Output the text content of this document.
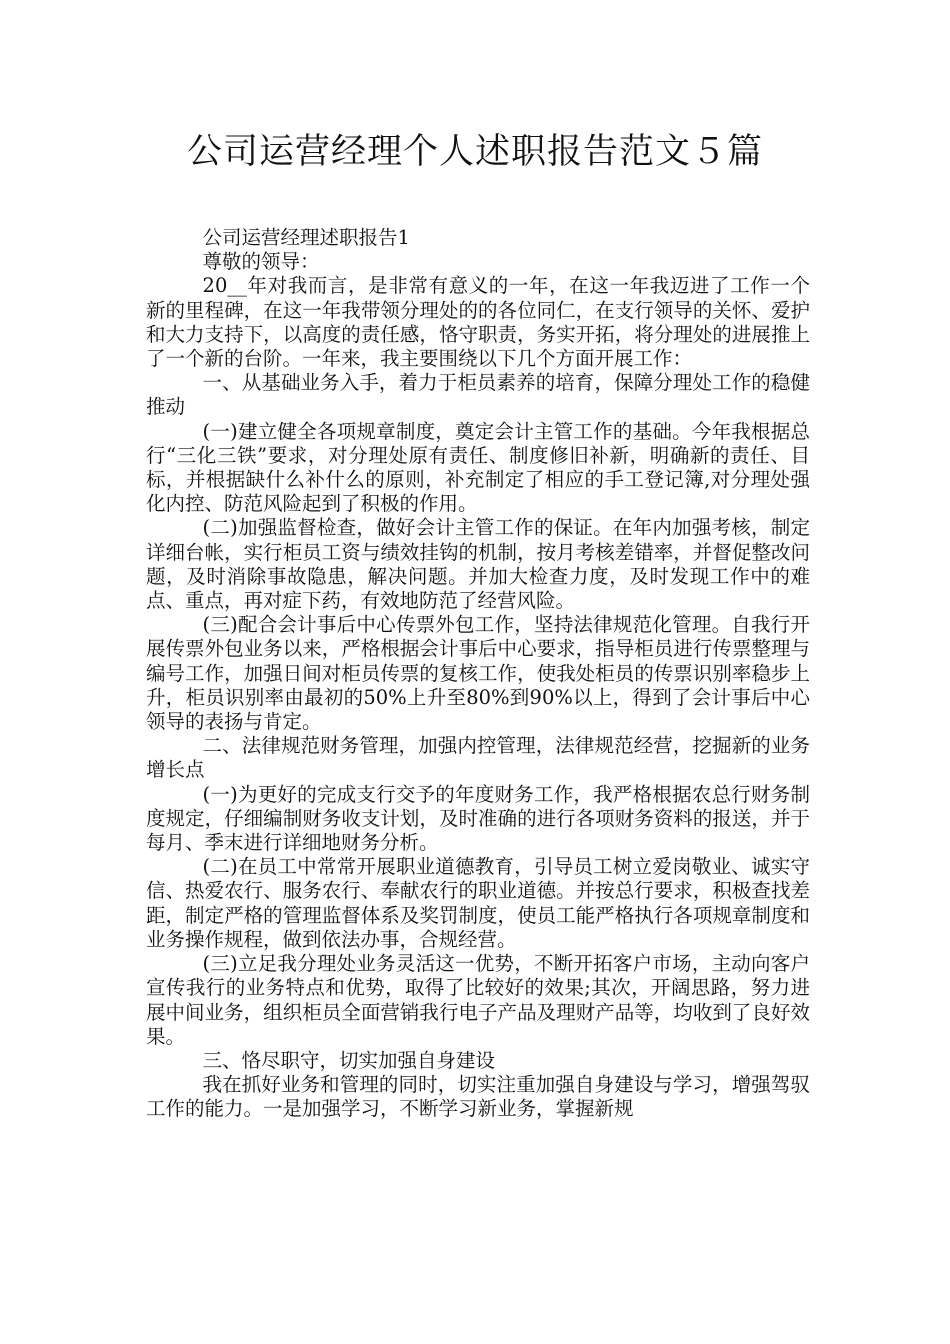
公司运营经理个人述职报告范文５篇

公司运营经理述职报告1

尊敬的领导：

20__年对我而言，是非常有意义的一年，在这一年我迈进了工作一个新的里程碑，在这一年我带领分理处的的各位同仁，在支行领导的关怀、爱护和大力支持下，以高度的责任感，恪守职责，务实开拓，将分理处的进展推上了一个新的台阶。一年来，我主要围绕以下几个方面开展工作：

一、从基础业务入手，着力于柜员素养的培育，保障分理处工作的稳健推动

(一)建立健全各项规章制度，奠定会计主管工作的基础。今年我根据总行“三化三铁”要求，对分理处原有责任、制度修旧补新，明确新的责任、目标，并根据缺什么补什么的原则，补充制定了相应的手工登记簿,对分理处强化内控、防范风险起到了积极的作用。

(二)加强监督检查，做好会计主管工作的保证。在年内加强考核，制定详细台帐，实行柜员工资与绩效挂钩的机制，按月考核差错率，并督促整改问题，及时消除事故隐患，解决问题。并加大检查力度，及时发现工作中的难点、重点，再对症下药，有效地防范了经营风险。

(三)配合会计事后中心传票外包工作，坚持法律规范化管理。自我行开展传票外包业务以来，严格根据会计事后中心要求，指导柜员进行传票整理与编号工作，加强日间对柜员传票的复核工作，使我处柜员的传票识别率稳步上升，柜员识别率由最初的50%上升至80%到90%以上，得到了会计事后中心领导的表扬与肯定。

二、法律规范财务管理，加强内控管理，法律规范经营，挖掘新的业务增长点

(一)为更好的完成支行交予的年度财务工作，我严格根据农总行财务制度规定，仔细编制财务收支计划，及时准确的进行各项财务资料的报送，并于每月、季末进行详细地财务分析。

(二)在员工中常常开展职业道德教育，引导员工树立爱岗敬业、诚实守信、热爱农行、服务农行、奉献农行的职业道德。并按总行要求，积极查找差距，制定严格的管理监督体系及奖罚制度，使员工能严格执行各项规章制度和业务操作规程，做到依法办事，合规经营。

(三)立足我分理处业务灵活这一优势，不断开拓客户市场，主动向客户宣传我行的业务特点和优势，取得了比较好的效果;其次，开阔思路，努力进展中间业务，组织柜员全面营销我行电子产品及理财产品等，均收到了良好效果。

三、恪尽职守，切实加强自身建设

我在抓好业务和管理的同时，切实注重加强自身建设与学习，增强驾驭工作的能力。一是加强学习，不断学习新业务，掌握新规
